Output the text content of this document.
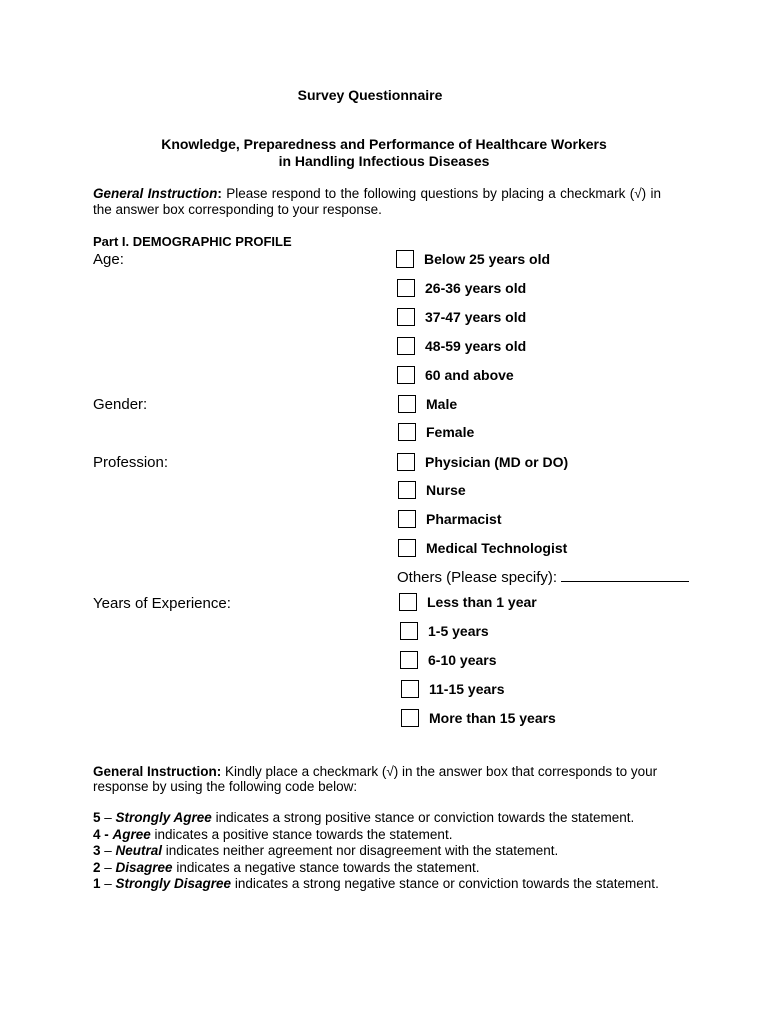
Survey Questionnaire
Knowledge, Preparedness and Performance of Healthcare Workers
in Handling Infectious Diseases
General Instruction: Please respond to the following questions by placing a checkmark (√) in the answer box corresponding to your response.
Part I. DEMOGRAPHIC PROFILE
Age:	Below 25 years old
26-36 years old
37-47 years old
48-59 years old
60 and above
Gender:	Male
Female
Profession:	Physician (MD or DO)
Nurse
Pharmacist
Medical Technologist
Others (Please specify):
Years of Experience:	Less than 1 year
1-5 years
6-10 years
11-15 years
More than 15 years
General Instruction: Kindly place a checkmark (√) in the answer box that corresponds to your response by using the following code below:
5 – Strongly Agree indicates a strong positive stance or conviction towards the statement.
4 - Agree indicates a positive stance towards the statement.
3 – Neutral indicates neither agreement nor disagreement with the statement.
2 – Disagree indicates a negative stance towards the statement.
1 – Strongly Disagree indicates a strong negative stance or conviction towards the statement.
